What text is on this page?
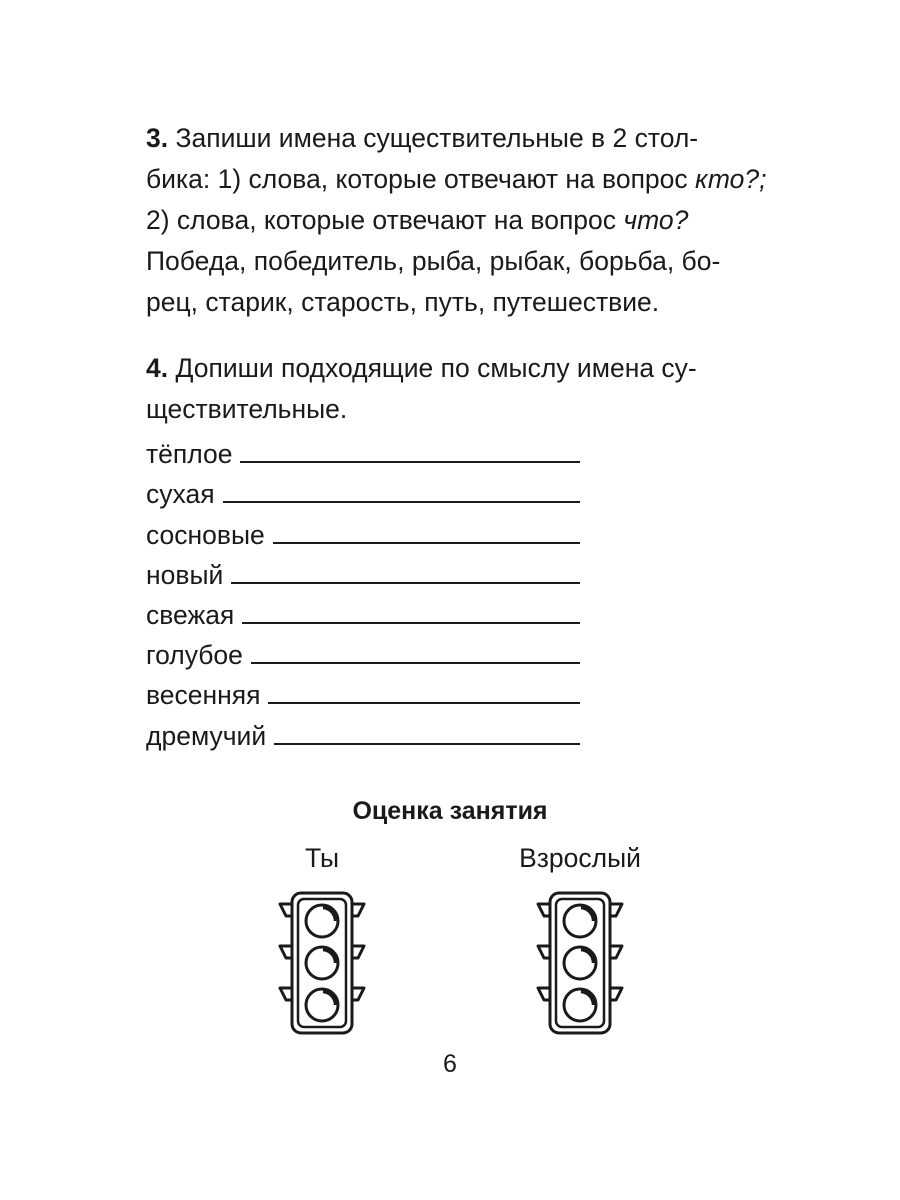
3. Запиши имена существительные в 2 стол-
бика: 1) слова, которые отвечают на вопрос кто?;
2) слова, которые отвечают на вопрос что?
Победа, победитель, рыба, рыбак, борьба, бо-
рец, старик, старость, путь, путешествие.
4. Допиши подходящие по смыслу имена су-
ществительные.
тёплое
сухая
сосновые
новый
свежая
голубое
весенняя
дремучий
Оценка занятия
Ты	Взрослый
6
